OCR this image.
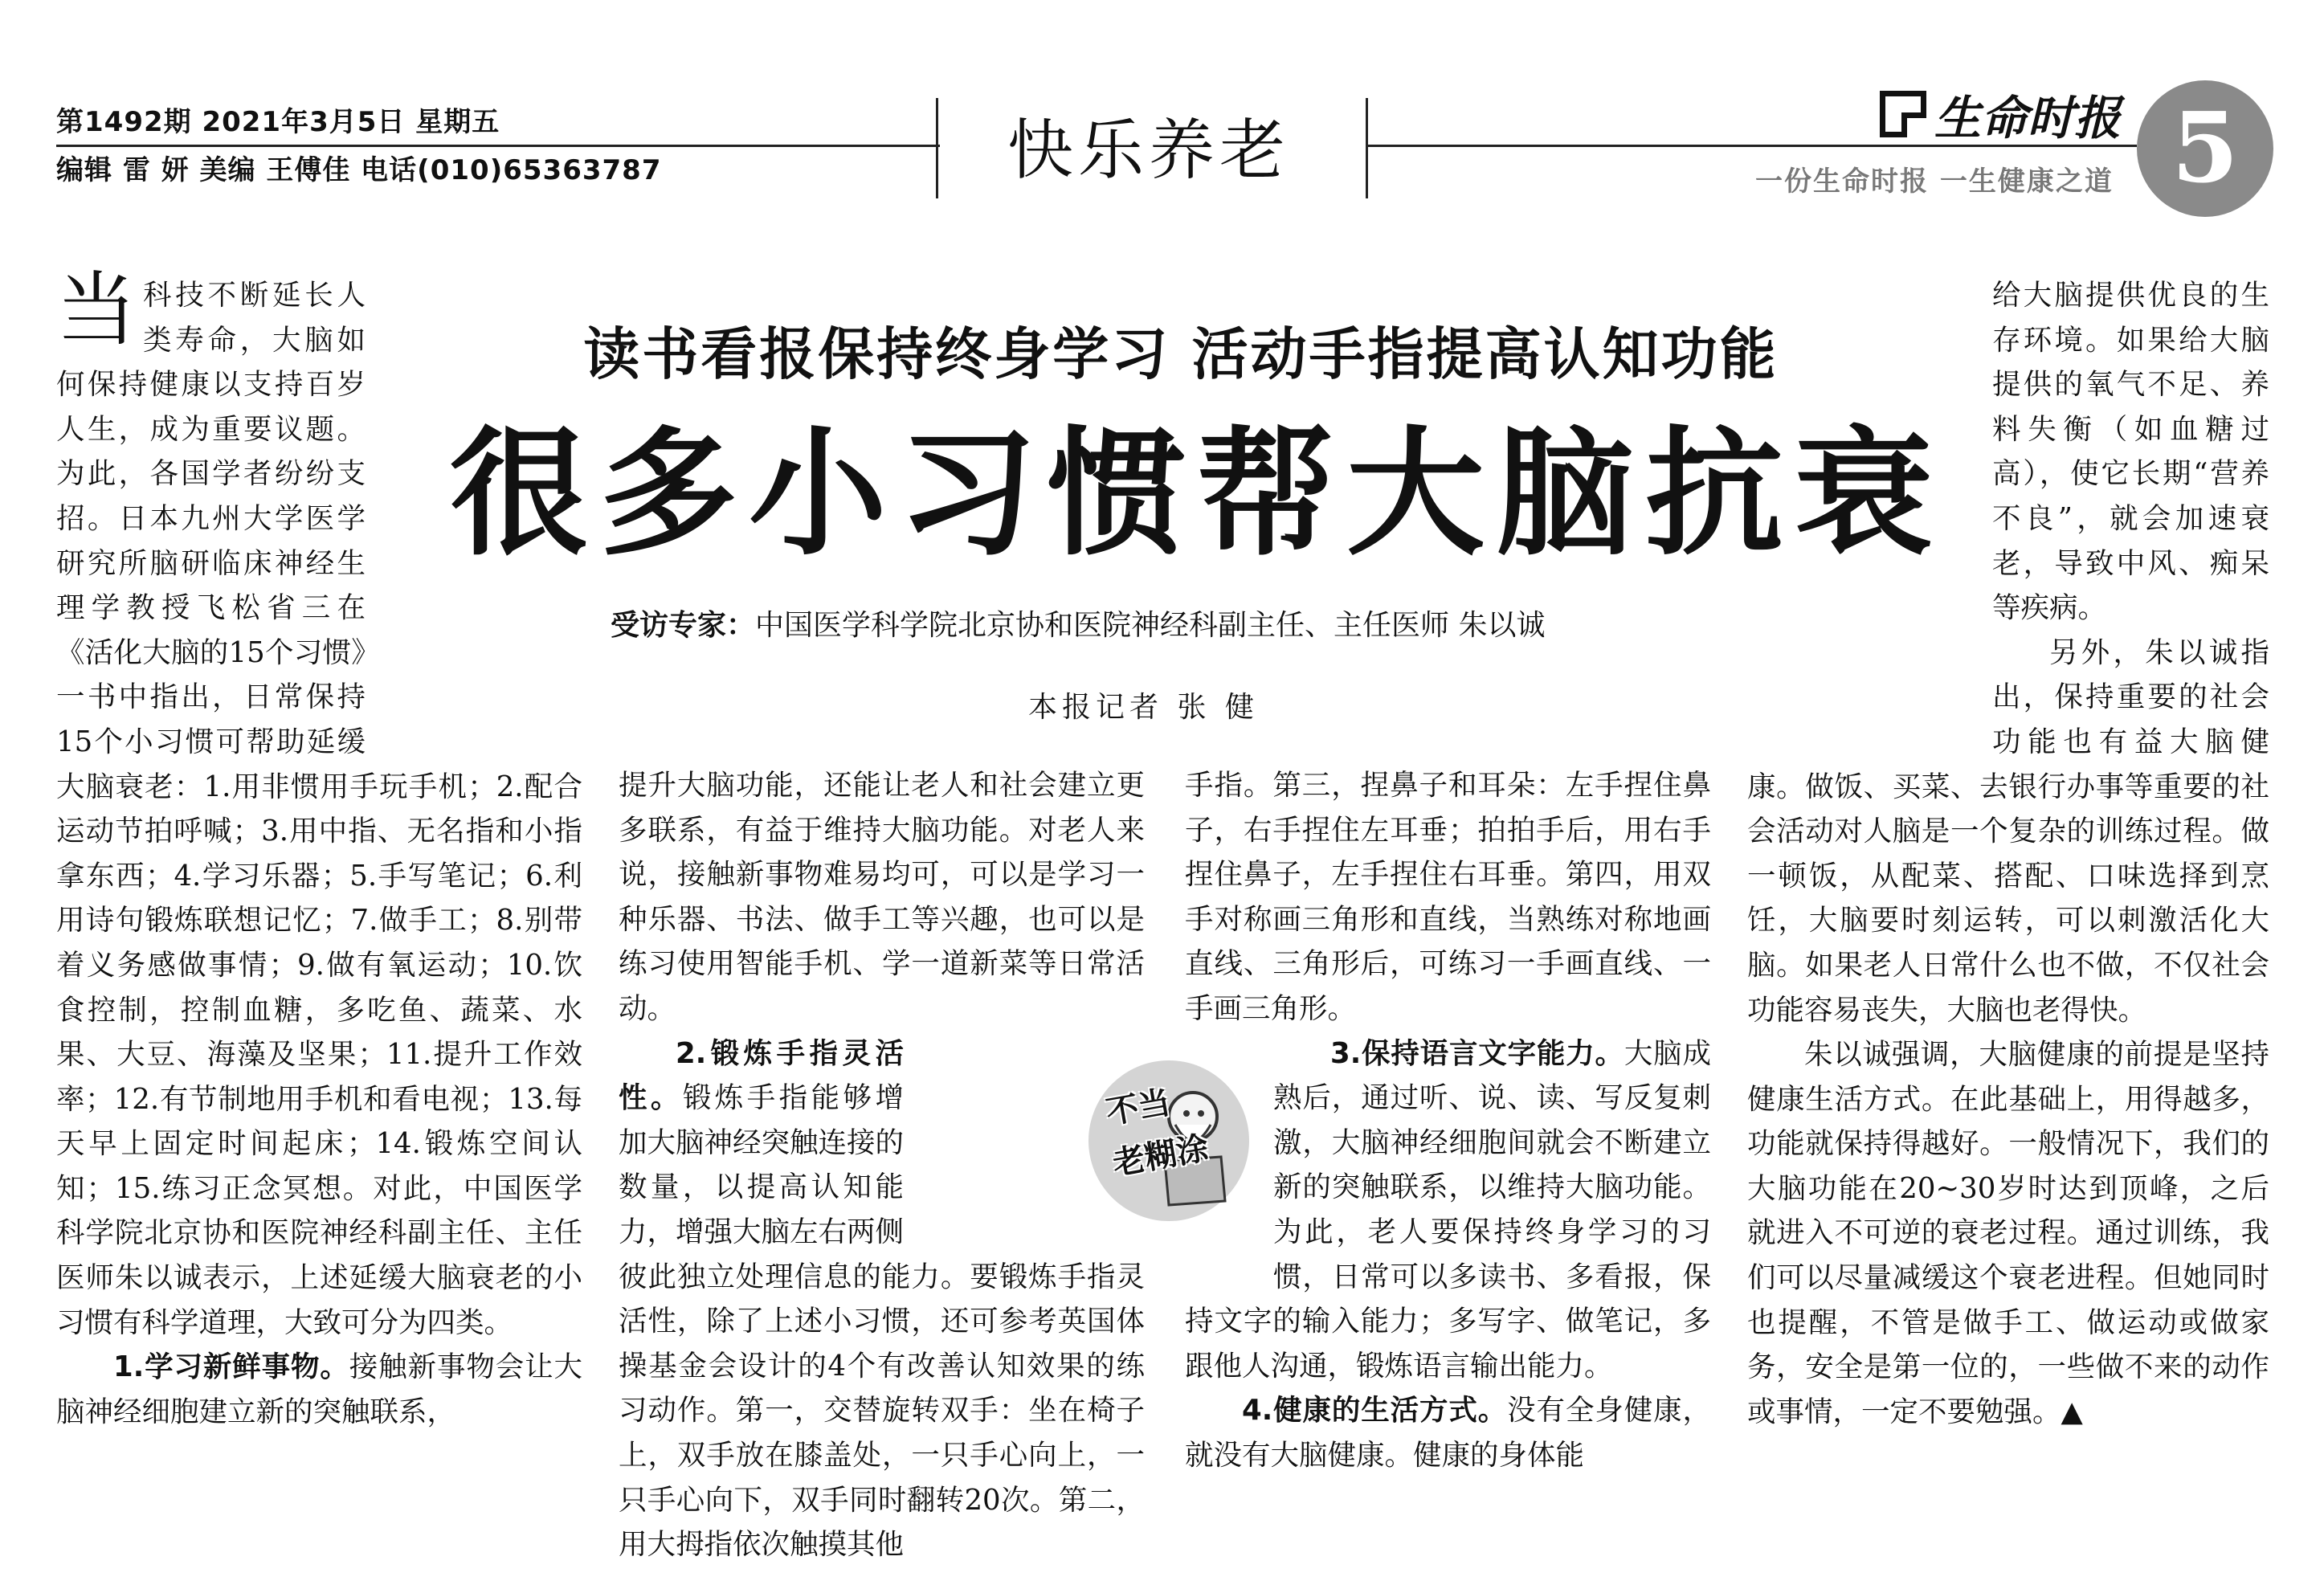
第1492期 2021年3月5日 星期五
编辑 雷 妍 美编 王傅佳 电话(010)65363787	快乐养老	生命时报
一份生命时报 一生健康之道 5
读书看报保持终身学习 活动手指提高认知功能
很多小习惯帮大脑抗衰
受访专家：中国医学科学院北京协和医院神经科副主任、主任医师 朱以诚
本报记者 张 健

当科技不断延长人类寿命，大脑如何保持健康以支持百岁人生，成为重要议题。为此，各国学者纷纷支招。日本九州大学医学研究所脑研临床神经生理学教授飞松省三在《活化大脑的15个习惯》一书中指出，日常保持15个小习惯可帮助延缓大脑衰老：1.用非惯用手玩手机；2.配合运动节拍呼喊；3.用中指、无名指和小指拿东西；4.学习乐器；5.手写笔记；6.利用诗句锻炼联想记忆；7.做手工；8.别带着义务感做事情；9.做有氧运动；10.饮食控制，控制血糖，多吃鱼、蔬菜、水果、大豆、海藻及坚果；11.提升工作效率；12.有节制地用手机和看电视；13.每天早上固定时间起床；14.锻炼空间认知；15.练习正念冥想。对此，中国医学科学院北京协和医院神经科副主任、主任医师朱以诚表示，上述延缓大脑衰老的小习惯有科学道理，大致可分为四类。

1.学习新鲜事物。接触新事物会让大脑神经细胞建立新的突触联系，

提升大脑功能，还能让老人和社会建立更多联系，有益于维持大脑功能。对老人来说，接触新事物难易均可，可以是学习一种乐器、书法、做手工等兴趣，也可以是练习使用智能手机、学一道新菜等日常活动。

2.锻炼手指灵活性。锻炼手指能够增加大脑神经突触连接的数量，以提高认知能力，增强大脑左右两侧彼此独立处理信息的能力。要锻炼手指灵活性，除了上述小习惯，还可参考英国体操基金会设计的4个有改善认知效果的练习动作。第一，交替旋转双手：坐在椅子上，双手放在膝盖处，一只手心向上，一只手心向下，双手同时翻转20次。第二，用大拇指依次触摸其他

手指。第三，捏鼻子和耳朵：左手捏住鼻子，右手捏住左耳垂；拍拍手后，用右手捏住鼻子，左手捏住右耳垂。第四，用双手对称画三角形和直线，当熟练对称地画直线、三角形后，可练习一手画直线、一手画三角形。

3.保持语言文字能力。大脑成熟后，通过听、说、读、写反复刺激，大脑神经细胞间就会不断建立新的突触联系，以维持大脑功能。为此，老人要保持终身学习的习惯，日常可以多读书、多看报，保持文字的输入能力；多写字、做笔记，多跟他人沟通，锻炼语言输出能力。

4.健康的生活方式。没有全身健康，就没有大脑健康。健康的身体能

给大脑提供优良的生存环境。如果给大脑提供的氧气不足、养料失衡（如血糖过高），使它长期“营养不良”，就会加速衰老，导致中风、痴呆等疾病。

另外，朱以诚指出，保持重要的社会功能也有益大脑健康。做饭、买菜、去银行办事等重要的社会活动对人脑是一个复杂的训练过程。做一顿饭，从配菜、搭配、口味选择到烹饪，大脑要时刻运转，可以刺激活化大脑。如果老人日常什么也不做，不仅社会功能容易丧失，大脑也老得快。

朱以诚强调，大脑健康的前提是坚持健康生活方式。在此基础上，用得越多，功能就保持得越好。一般情况下，我们的大脑功能在20~30岁时达到顶峰，之后就进入不可逆的衰老过程。通过训练，我们可以尽量减缓这个衰老进程。但她同时也提醒，不管是做手工、做运动或做家务，安全是第一位的，一些做不来的动作或事情，一定不要勉强。▲

不当
老糊涂
